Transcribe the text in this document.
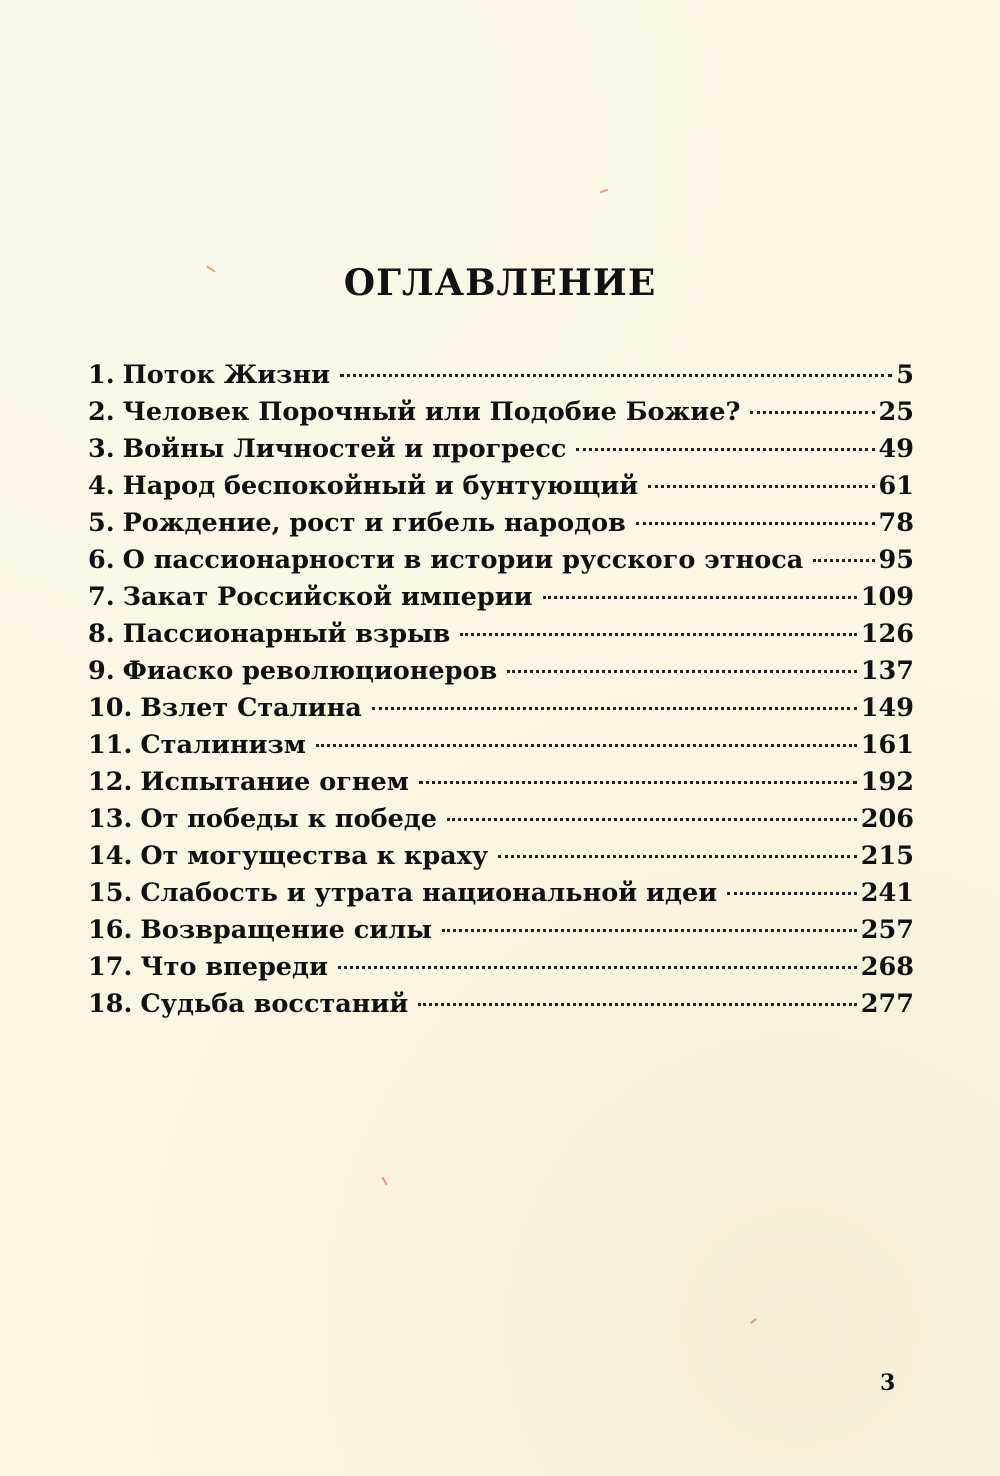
ОГЛАВЛЕНИЕ
1. Поток Жизни	5
2. Человек Порочный или Подобие Божие?	25
3. Войны Личностей и прогресс	49
4. Народ беспокойный и бунтующий	61
5. Рождение, рост и гибель народов	78
6. О пассионарности в истории русского этноса	95
7. Закат Российской империи	109
8. Пассионарный взрыв	126
9. Фиаско революционеров	137
10. Взлет Сталина	149
11. Сталинизм	161
12. Испытание огнем	192
13. От победы к победе	206
14. От могущества к краху	215
15. Слабость и утрата национальной идеи	241
16. Возвращение силы	257
17. Что впереди	268
18. Судьба восстаний	277
3
